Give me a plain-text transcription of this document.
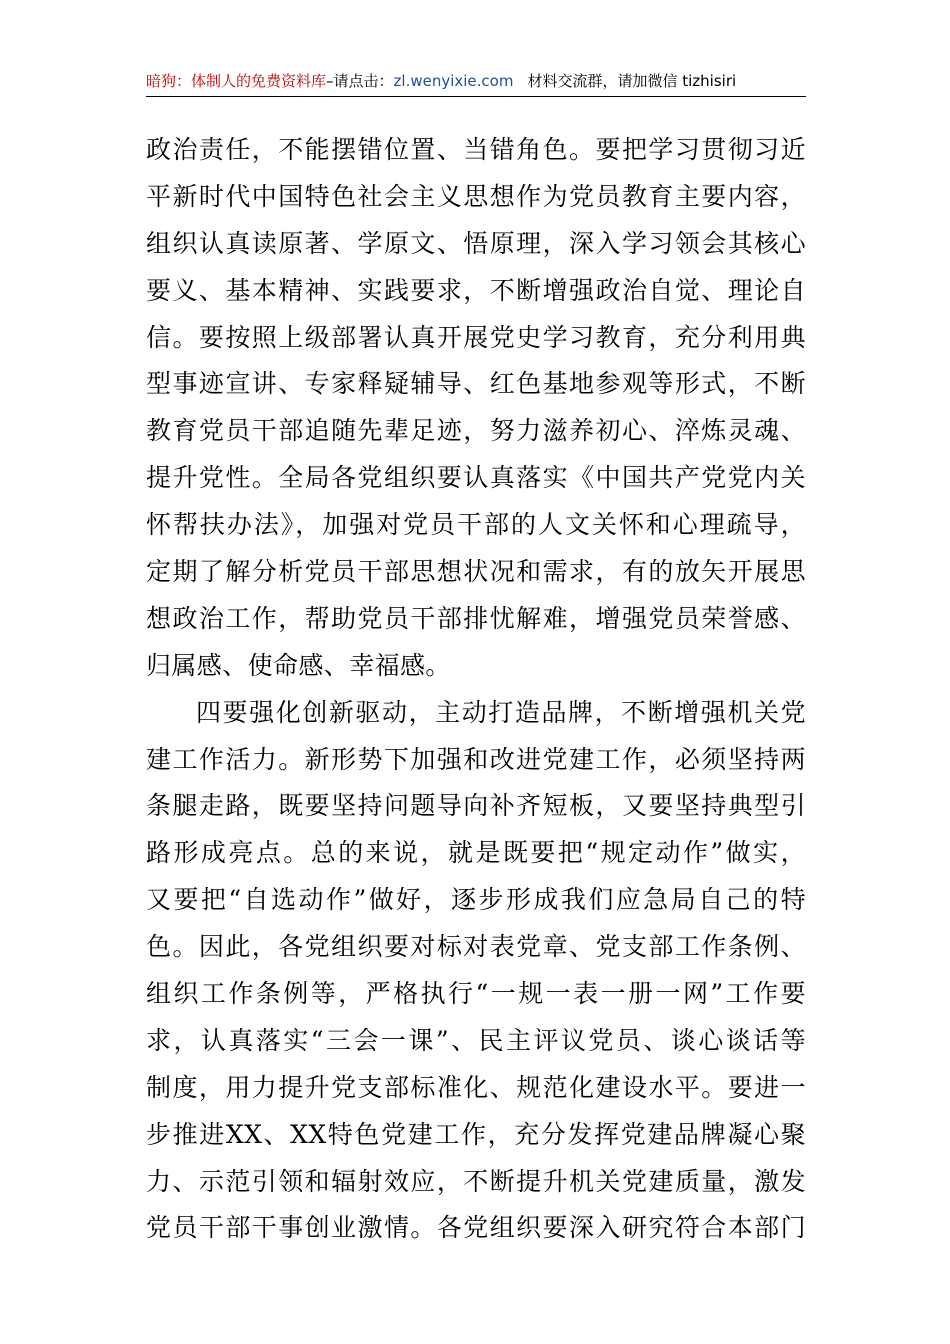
暗狗：体制人的免费资料库–请点击：zl.wenyixie.com 材料交流群，请加微信 tizhisiri
政治责任，不能摆错位置、当错角色。要把学习贯彻习近
平新时代中国特色社会主义思想作为党员教育主要内容，
组织认真读原著、学原文、悟原理，深入学习领会其核心
要义、基本精神、实践要求，不断增强政治自觉、理论自
信。要按照上级部署认真开展党史学习教育，充分利用典
型事迹宣讲、专家释疑辅导、红色基地参观等形式，不断
教育党员干部追随先辈足迹，努力滋养初心、淬炼灵魂、
提升党性。全局各党组织要认真落实《中国共产党党内关
怀帮扶办法》，加强对党员干部的人文关怀和心理疏导，
定期了解分析党员干部思想状况和需求，有的放矢开展思
想政治工作，帮助党员干部排忧解难，增强党员荣誉感、
归属感、使命感、幸福感。
四要强化创新驱动，主动打造品牌，不断增强机关党
建工作活力。新形势下加强和改进党建工作，必须坚持两
条腿走路，既要坚持问题导向补齐短板，又要坚持典型引
路形成亮点。总的来说，就是既要把“规定动作”做实，
又要把“自选动作”做好，逐步形成我们应急局自己的特
色。因此，各党组织要对标对表党章、党支部工作条例、
组织工作条例等，严格执行“一规一表一册一网”工作要
求，认真落实“三会一课”、民主评议党员、谈心谈话等
制度，用力提升党支部标准化、规范化建设水平。要进一
步推进XX、XX特色党建工作，充分发挥党建品牌凝心聚
力、示范引领和辐射效应，不断提升机关党建质量，激发
党员干部干事创业激情。各党组织要深入研究符合本部门
